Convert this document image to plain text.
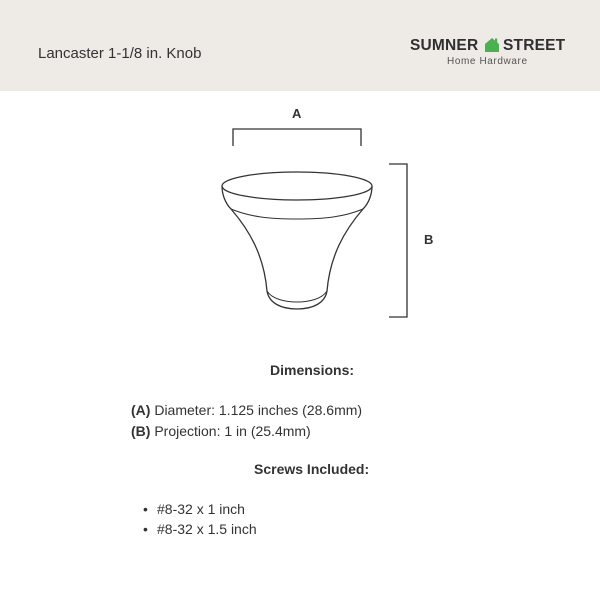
Lancaster 1-1/8 in. Knob	SUMNER STREET
Home Hardware
A
B
Dimensions:
(A) Diameter: 1.125 inches (28.6mm)
(B) Projection: 1 in (25.4mm)
Screws Included:
• #8-32 x 1 inch
• #8-32 x 1.5 inch
